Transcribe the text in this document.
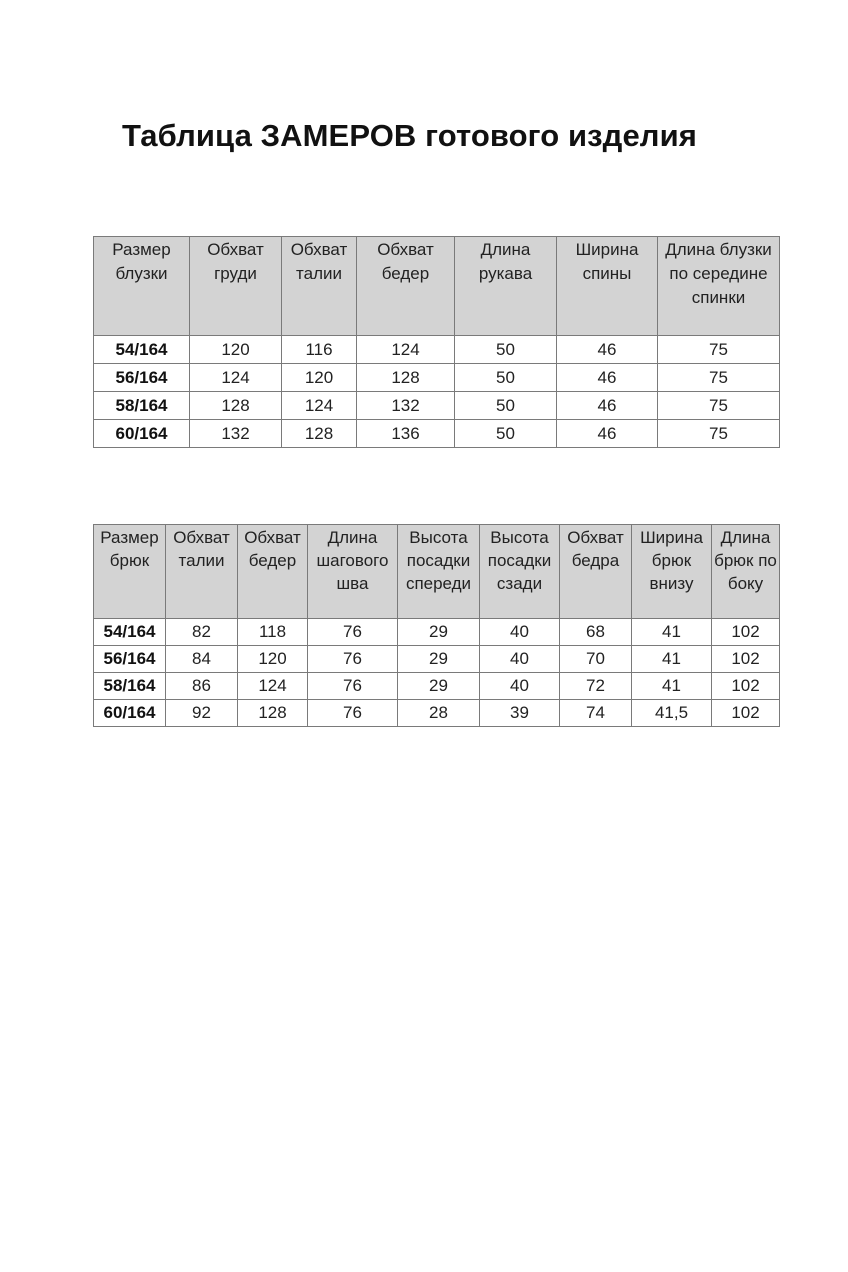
Таблица ЗАМЕРОВ готового изделия
Размер блузки	Обхват груди	Обхват талии	Обхват бедер	Длина рукава	Ширина спины	Длина блузки по середине спинки

54/164	120	116	124	50	46	75
56/164	124	120	128	50	46	75
58/164	128	124	132	50	46	75
60/164	132	128	136	50	46	75
Размер брюк	Обхват талии	Обхват бедер	Длина шагового шва	Высота посадки спереди	Высота посадки сзади	Обхват бедра	Ширина брюк внизу	Длина брюк по боку

54/164	82	118	76	29	40	68	41	102
56/164	84	120	76	29	40	70	41	102
58/164	86	124	76	29	40	72	41	102
60/164	92	128	76	28	39	74	41,5	102
